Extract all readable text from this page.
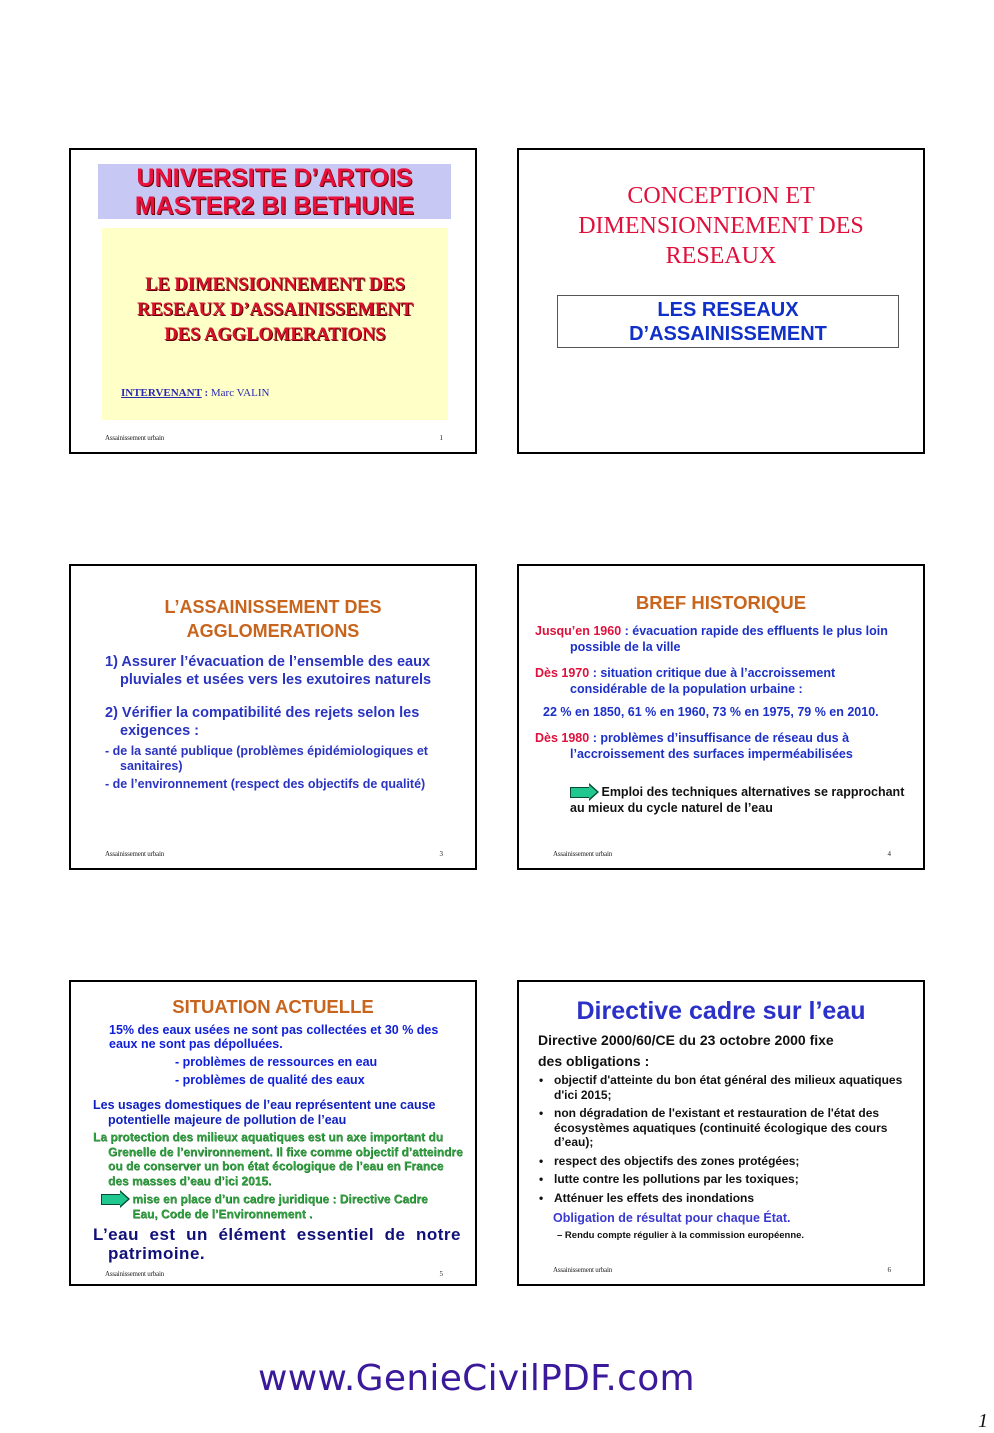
UNIVERSITE D’ARTOIS
MASTER2 BI BETHUNE
LE DIMENSIONNEMENT DES
RESEAUX D’ASSAINISSEMENT
DES AGGLOMERATIONS
INTERVENANT : Marc VALIN
Assainissement urbain	1
CONCEPTION ET
DIMENSIONNEMENT DES
RESEAUX
LES RESEAUX
D’ASSAINISSEMENT
L’ASSAINISSEMENT DES
AGGLOMERATIONS
1) Assurer l’évacuation de l’ensemble des eaux pluviales et usées vers les exutoires naturels
2) Vérifier la compatibilité des rejets selon les exigences :
- de la santé publique (problèmes épidémiologiques et sanitaires)
- de l’environnement (respect des objectifs de qualité)
Assainissement urbain	3
BREF HISTORIQUE
Jusqu’en 1960 : évacuation rapide des effluents le plus loin possible de la ville
Dès 1970 : situation critique due à l’accroissement considérable de la population urbaine :
22 % en 1850, 61 % en 1960, 73 % en 1975, 79 % en 2010.
Dès 1980 : problèmes d’insuffisance de réseau dus à l’accroissement des surfaces imperméabilisées
Emploi des techniques alternatives se rapprochant au mieux du cycle naturel de l’eau
Assainissement urbain	4
SITUATION ACTUELLE
15% des eaux usées ne sont pas collectées et 30 % des eaux ne sont pas dépolluées.
- problèmes de ressources en eau
- problèmes de qualité des eaux
Les usages domestiques de l’eau représentent une cause potentielle majeure de pollution de l’eau
La protection des milieux aquatiques est un axe important du Grenelle de l’environnement. Il fixe comme objectif d’atteindre ou de conserver un bon état écologique de l’eau en France des masses d’eau d’ici 2015.
mise en place d’un cadre juridique : Directive Cadre Eau, Code de l’Environnement .
L’eau est un élément essentiel de notre patrimoine.
Assainissement urbain	5
Directive cadre sur l’eau
Directive 2000/60/CE du 23 octobre 2000 fixe
des obligations :
• objectif d'atteinte du bon état général des milieux aquatiques d'ici 2015;
• non dégradation de l'existant et restauration de l'état des écosystèmes aquatiques (continuité écologique des cours d’eau);
• respect des objectifs des zones protégées;
• lutte contre les pollutions par les toxiques;
• Atténuer les effets des inondations
Obligation de résultat pour chaque État.
– Rendu compte régulier à la commission européenne.
Assainissement urbain	6
www.GenieCivilPDF.com
1
